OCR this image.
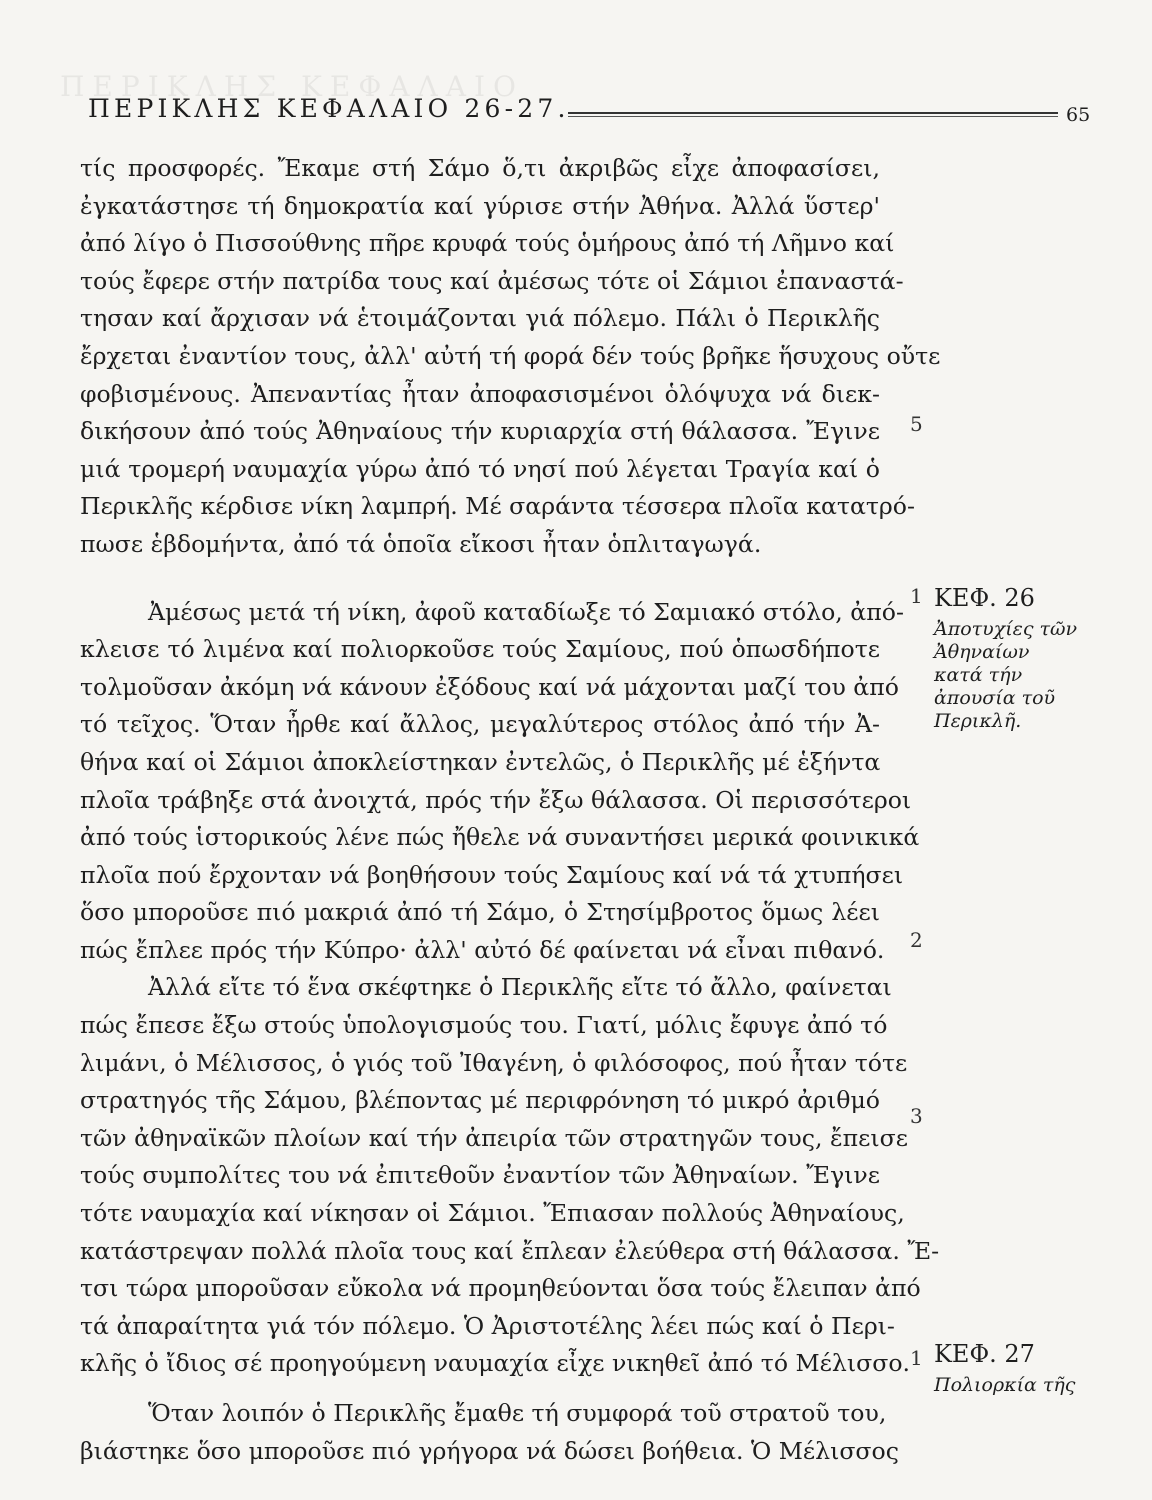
ΠΕΡΙΚΛΗΣ ΚΕΦΑΛΑΙΟ
ΠΕΡΙΚΛΗΣ ΚΕΦΑΛΑΙΟ 26-27.	65
τίς προσφορές. Ἔκαμε στή Σάμο ὅ,τι ἀκριβῶς εἶχε ἀποφασίσει,
ἐγκατάστησε τή δημοκρατία καί γύρισε στήν Ἀθήνα. Ἀλλά ὕστερ'
ἀπό λίγο ὁ Πισσούθνης πῆρε κρυφά τούς ὁμήρους ἀπό τή Λῆμνο καί
τούς ἔφερε στήν πατρίδα τους καί ἀμέσως τότε οἱ Σάμιοι ἐπαναστά-
τησαν καί ἄρχισαν νά ἑτοιμάζονται γιά πόλεμο. Πάλι ὁ Περικλῆς
ἔρχεται ἐναντίον τους, ἀλλ' αὐτή τή φορά δέν τούς βρῆκε ἥσυχους οὔτε
φοβισμένους. Ἀπεναντίας ἦταν ἀποφασισμένοι ὁλόψυχα νά διεκ-
δικήσουν ἀπό τούς Ἀθηναίους τήν κυριαρχία στή θάλασσα. Ἔγινε
μιά τρομερή ναυμαχία γύρω ἀπό τό νησί πού λέγεται Τραγία καί ὁ
Περικλῆς κέρδισε νίκη λαμπρή. Μέ σαράντα τέσσερα πλοῖα κατατρό-
πωσε ἑβδομήντα, ἀπό τά ὁποῖα εἴκοσι ἦταν ὁπλιταγωγά.
Ἀμέσως μετά τή νίκη, ἀφοῦ καταδίωξε τό Σαμιακό στόλο, ἀπό-
κλεισε τό λιμένα καί πολιορκοῦσε τούς Σαμίους, πού ὁπωσδήποτε
τολμοῦσαν ἀκόμη νά κάνουν ἐξόδους καί νά μάχονται μαζί του ἀπό
τό τεῖχος. Ὅταν ἦρθε καί ἄλλος, μεγαλύτερος στόλος ἀπό τήν Ἀ-
θήνα καί οἱ Σάμιοι ἀποκλείστηκαν ἐντελῶς, ὁ Περικλῆς μέ ἑξήντα
πλοῖα τράβηξε στά ἀνοιχτά, πρός τήν ἔξω θάλασσα. Οἱ περισσότεροι
ἀπό τούς ἱστορικούς λένε πώς ἤθελε νά συναντήσει μερικά φοινικικά
πλοῖα πού ἔρχονταν νά βοηθήσουν τούς Σαμίους καί νά τά χτυπήσει
ὅσο μποροῦσε πιό μακριά ἀπό τή Σάμο, ὁ Στησίμβροτος ὅμως λέει
πώς ἔπλεε πρός τήν Κύπρο· ἀλλ' αὐτό δέ φαίνεται νά εἶναι πιθανό.
Ἀλλά εἴτε τό ἕνα σκέφτηκε ὁ Περικλῆς εἴτε τό ἄλλο, φαίνεται
πώς ἔπεσε ἔξω στούς ὑπολογισμούς του. Γιατί, μόλις ἔφυγε ἀπό τό
λιμάνι, ὁ Μέλισσος, ὁ γιός τοῦ Ἰθαγένη, ὁ φιλόσοφος, πού ἦταν τότε
στρατηγός τῆς Σάμου, βλέποντας μέ περιφρόνηση τό μικρό ἀριθμό
τῶν ἀθηναϊκῶν πλοίων καί τήν ἀπειρία τῶν στρατηγῶν τους, ἔπεισε
τούς συμπολίτες του νά ἐπιτεθοῦν ἐναντίον τῶν Ἀθηναίων. Ἔγινε
τότε ναυμαχία καί νίκησαν οἱ Σάμιοι. Ἔπιασαν πολλούς Ἀθηναίους,
κατάστρεψαν πολλά πλοῖα τους καί ἔπλεαν ἐλεύθερα στή θάλασσα. Ἔ-
τσι τώρα μποροῦσαν εὔκολα νά προμηθεύονται ὅσα τούς ἔλειπαν ἀπό
τά ἀπαραίτητα γιά τόν πόλεμο. Ὁ Ἀριστοτέλης λέει πώς καί ὁ Περι-
κλῆς ὁ ἴδιος σέ προηγούμενη ναυμαχία εἶχε νικηθεῖ ἀπό τό Μέλισσο.
Ὅταν λοιπόν ὁ Περικλῆς ἔμαθε τή συμφορά τοῦ στρατοῦ του,
βιάστηκε ὅσο μποροῦσε πιό γρήγορα νά δώσει βοήθεια. Ὁ Μέλισσος
5
1
2
3
1
ΚΕΦ. 26
Ἀποτυχίες τῶν
Ἀθηναίων
κατά τήν
ἀπουσία τοῦ
Περικλῆ.
ΚΕΦ. 27
Πολιορκία τῆς
